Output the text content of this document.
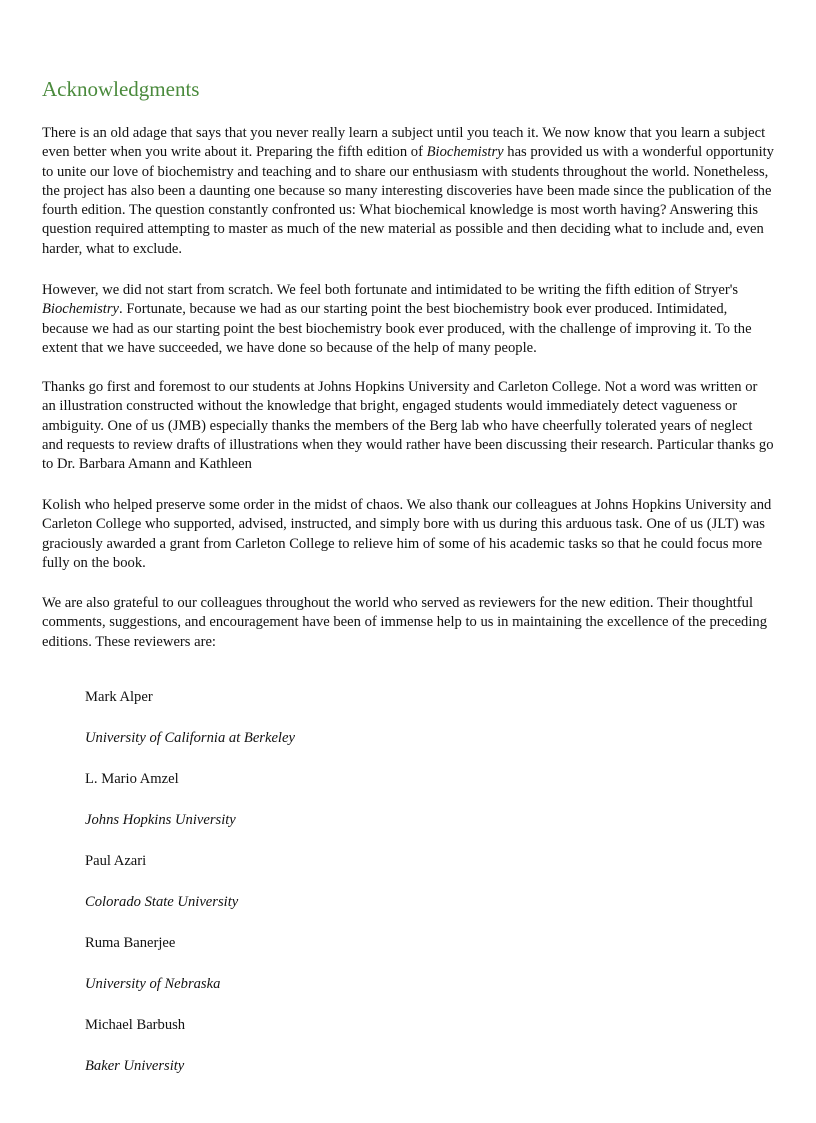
Acknowledgments

There is an old adage that says that you never really learn a subject until you teach it. We now know that you learn a subject even better when you write about it. Preparing the fifth edition of Biochemistry has provided us with a wonderful opportunity to unite our love of biochemistry and teaching and to share our enthusiasm with students throughout the world. Nonetheless, the project has also been a daunting one because so many interesting discoveries have been made since the publication of the fourth edition. The question constantly confronted us: What biochemical knowledge is most worth having? Answering this question required attempting to master as much of the new material as possible and then deciding what to include and, even harder, what to exclude.

However, we did not start from scratch. We feel both fortunate and intimidated to be writing the fifth edition of Stryer's Biochemistry. Fortunate, because we had as our starting point the best biochemistry book ever produced. Intimidated, because we had as our starting point the best biochemistry book ever produced, with the challenge of improving it. To the extent that we have succeeded, we have done so because of the help of many people.

Thanks go first and foremost to our students at Johns Hopkins University and Carleton College. Not a word was written or an illustration constructed without the knowledge that bright, engaged students would immediately detect vagueness or ambiguity. One of us (JMB) especially thanks the members of the Berg lab who have cheerfully tolerated years of neglect and requests to review drafts of illustrations when they would rather have been discussing their research. Particular thanks go to Dr. Barbara Amann and Kathleen

Kolish who helped preserve some order in the midst of chaos. We also thank our colleagues at Johns Hopkins University and Carleton College who supported, advised, instructed, and simply bore with us during this arduous task. One of us (JLT) was graciously awarded a grant from Carleton College to relieve him of some of his academic tasks so that he could focus more fully on the book.

We are also grateful to our colleagues throughout the world who served as reviewers for the new edition. Their thoughtful comments, suggestions, and encouragement have been of immense help to us in maintaining the excellence of the preceding editions. These reviewers are:

Mark Alper
University of California at Berkeley
L. Mario Amzel
Johns Hopkins University
Paul Azari
Colorado State University
Ruma Banerjee
University of Nebraska
Michael Barbush
Baker University
